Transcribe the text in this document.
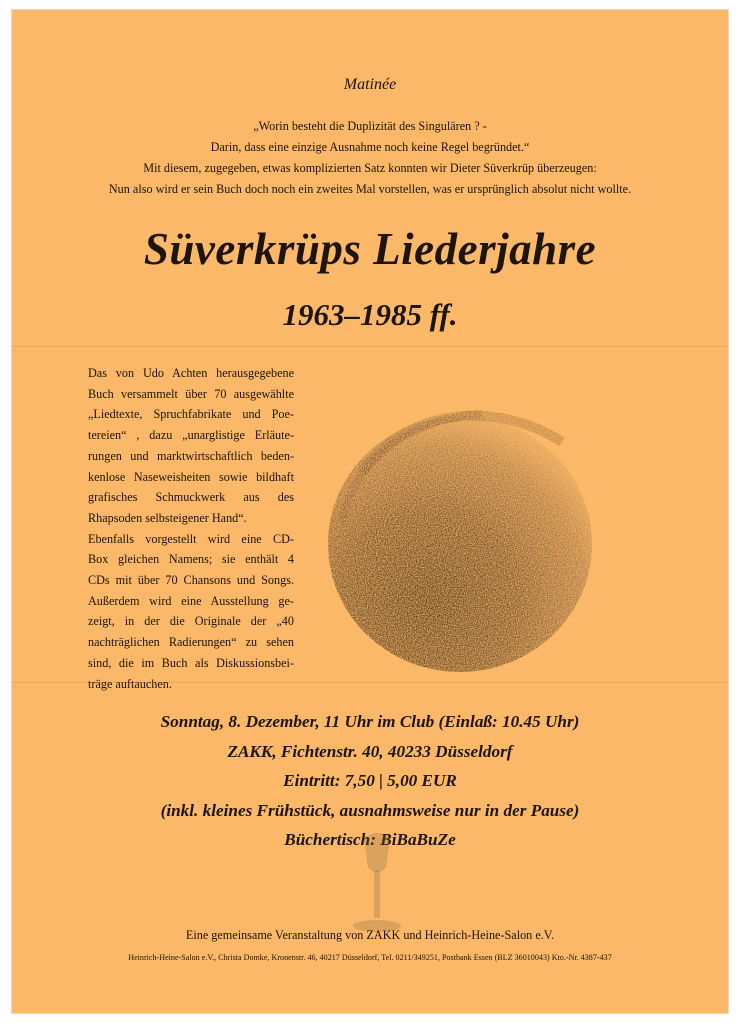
Matinée
„Worin besteht die Duplizität des Singulären ? -
Darin, dass eine einzige Ausnahme noch keine Regel begründet.“
Mit diesem, zugegeben, etwas komplizierten Satz konnten wir Dieter Süverkrüp überzeugen:
Nun also wird er sein Buch doch noch ein zweites Mal vorstellen, was er ursprünglich absolut nicht wollte.
Süverkrüps Liederjahre
1963–1985 ff.
Das von Udo Achten herausgegebene
Buch versammelt über 70 ausgewählte
„Liedtexte, Spruchfabrikate und Poe-
tereien“ , dazu „unarglistige Erläute-
rungen und marktwirtschaftlich beden-
kenlose Naseweisheiten sowie bildhaft
grafisches Schmuckwerk aus des
Rhapsoden selbsteigener Hand“.
Ebenfalls vorgestellt wird eine CD-
Box gleichen Namens; sie enthält 4
CDs mit über 70 Chansons und Songs.
Außerdem wird eine Ausstellung ge-
zeigt, in der die Originale der „40
nachträglichen Radierungen“ zu sehen
sind, die im Buch als Diskussionsbei-
träge auftauchen.
Sonntag, 8. Dezember, 11 Uhr im Club (Einlaß: 10.45 Uhr)
ZAKK, Fichtenstr. 40, 40233 Düsseldorf
Eintritt: 7,50 | 5,00 EUR
(inkl. kleines Frühstück, ausnahmsweise nur in der Pause)
Büchertisch: BiBaBuZe
Eine gemeinsame Veranstaltung von ZAKK und Heinrich-Heine-Salon e.V.
Heinrich-Heine-Salon e.V., Christa Domke, Kronenstr. 46, 40217 Düsseldorf, Tel. 0211/349251, Postbank Essen (BLZ 36010043) Kto.-Nr. 4387-437
